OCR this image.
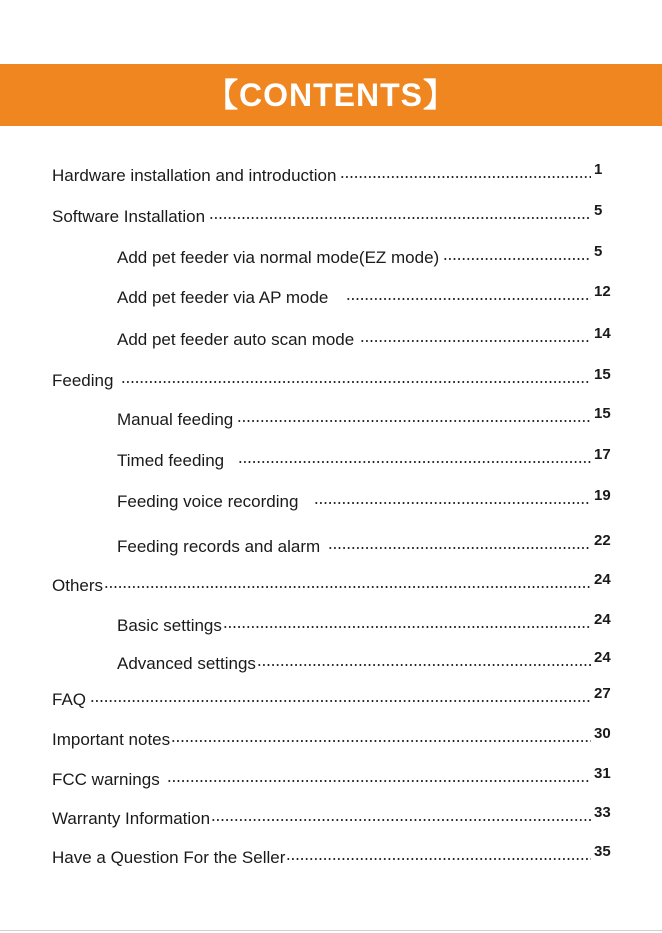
【CONTENTS】
Hardware installation and introduction	1
Software Installation	5
Add pet feeder via normal mode(EZ mode)	5
Add pet feeder via AP mode	12
Add pet feeder auto scan mode	14
Feeding	15
Manual feeding	15
Timed feeding	17
Feeding voice recording	19
Feeding records and alarm	22
Others	24
Basic settings	24
Advanced settings	24
FAQ	27
Important notes	30
FCC warnings	31
Warranty Information	33
Have a Question For the Seller	35
